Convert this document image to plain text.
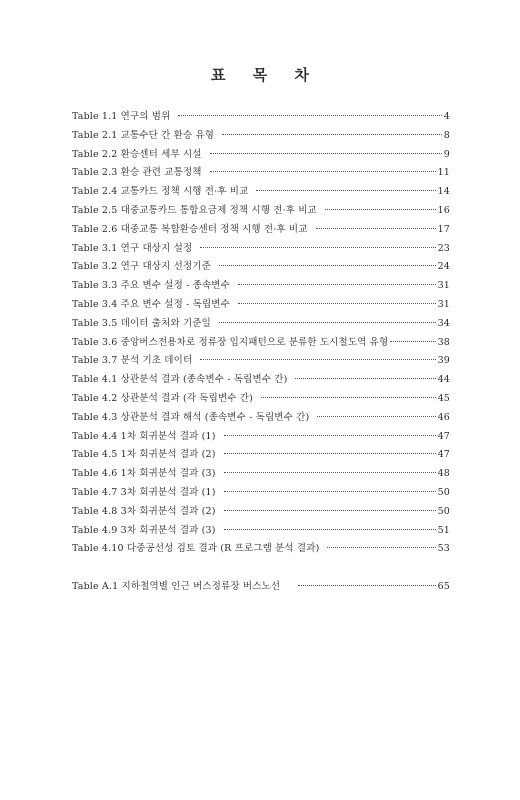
표 목 차
Table 1.1 연구의 범위	4
Table 2.1 교통수단 간 환승 유형	8
Table 2.2 환승센터 세부 시설	9
Table 2.3 환승 관련 교통정책	11
Table 2.4 교통카드 정책 시행 전·후 비교	14
Table 2.5 대중교통카드 통합요금제 정책 시행 전·후 비교	16
Table 2.6 대중교통 복합환승센터 정책 시행 전·후 비교	17
Table 3.1 연구 대상지 설정	23
Table 3.2 연구 대상지 선정기준	24
Table 3.3 주요 변수 설정 - 종속변수	31
Table 3.4 주요 변수 설정 - 독립변수	31
Table 3.5 데이터 출처와 기준일	34
Table 3.6 중앙버스전용차로 정류장 입지패턴으로 분류한 도시철도역 유형	38
Table 3.7 분석 기초 데이터	39
Table 4.1 상관분석 결과 (종속변수 - 독립변수 간)	44
Table 4.2 상관분석 결과 (각 독립변수 간)	45
Table 4.3 상관분석 결과 해석 (종속변수 - 독립변수 간)	46
Table 4.4 1차 회귀분석 결과 (1)	47
Table 4.5 1차 회귀분석 결과 (2)	47
Table 4.6 1차 회귀분석 결과 (3)	48
Table 4.7 3차 회귀분석 결과 (1)	50
Table 4.8 3차 회귀분석 결과 (2)	50
Table 4.9 3차 회귀분석 결과 (3)	51
Table 4.10 다중공선성 검토 결과 (R 프로그램 분석 결과)	53
Table A.1 지하철역별 인근 버스정류장 버스노선	65
